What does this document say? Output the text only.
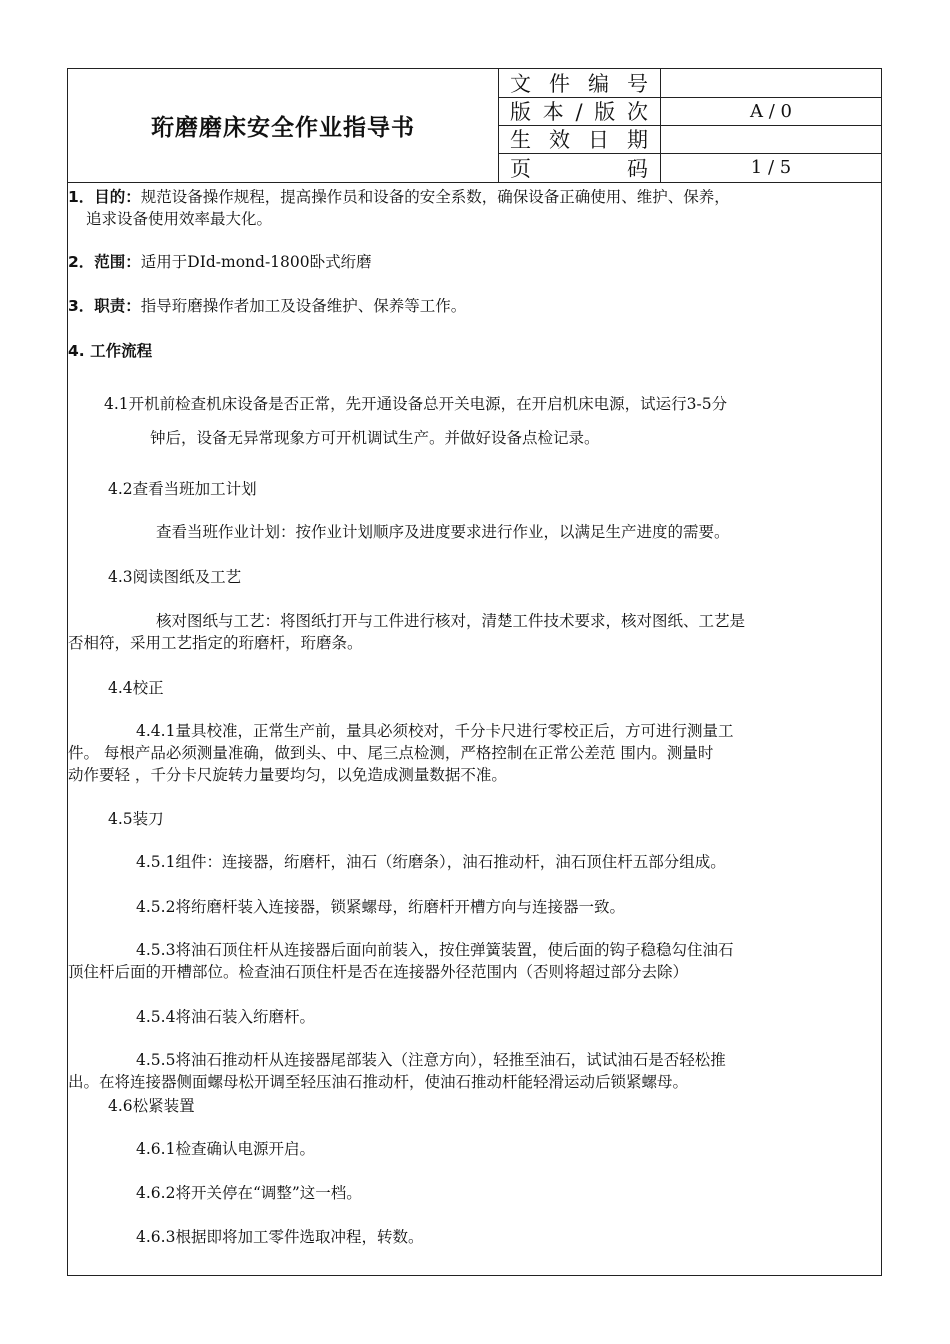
珩磨磨床安全作业指导书
文件编号
版本/版次	A / 0
生效日期
页　　码	1 / 5

1．目的：规范设备操作规程，提高操作员和设备的安全系数，确保设备正确使用、维护、保养，

追求设备使用效率最大化。

2．范围：适用于DId-mond-1800卧式绗磨

3．职责：指导珩磨操作者加工及设备维护、保养等工作。

4. 工作流程

4.1开机前检查机床设备是否正常，先开通设备总开关电源，在开启机床电源，试运行3-5分

钟后，设备无异常现象方可开机调试生产。并做好设备点检记录。

4.2查看当班加工计划

查看当班作业计划：按作业计划顺序及进度要求进行作业，以满足生产进度的需要。

4.3阅读图纸及工艺

核对图纸与工艺：将图纸打开与工件进行核对，清楚工件技术要求，核对图纸、工艺是

否相符，采用工艺指定的珩磨杆，珩磨条。

4.4校正

4.4.1量具校准，正常生产前，量具必须校对，千分卡尺进行零校正后，方可进行测量工

件。 每根产品必须测量准确，做到头、中、尾三点检测，严格控制在正常公差范 围内。测量时

动作要轻 ，千分卡尺旋转力量要均匀，以免造成测量数据不准。

4.5装刀

4.5.1组件：连接器，绗磨杆，油石（绗磨条），油石推动杆，油石顶住杆五部分组成。

4.5.2将绗磨杆装入连接器，锁紧螺母，绗磨杆开槽方向与连接器一致。

4.5.3将油石顶住杆从连接器后面向前装入，按住弹簧装置，使后面的钩子稳稳勾住油石

顶住杆后面的开槽部位。检查油石顶住杆是否在连接器外径范围内（否则将超过部分去除）

4.5.4将油石装入绗磨杆。

4.5.5将油石推动杆从连接器尾部装入（注意方向），轻推至油石，试试油石是否轻松推

出。在将连接器侧面螺母松开调至轻压油石推动杆，使油石推动杆能轻滑运动后锁紧螺母。

4.6松紧装置

4.6.1检查确认电源开启。

4.6.2将开关停在“调整”这一档。

4.6.3根据即将加工零件选取冲程，转数。
